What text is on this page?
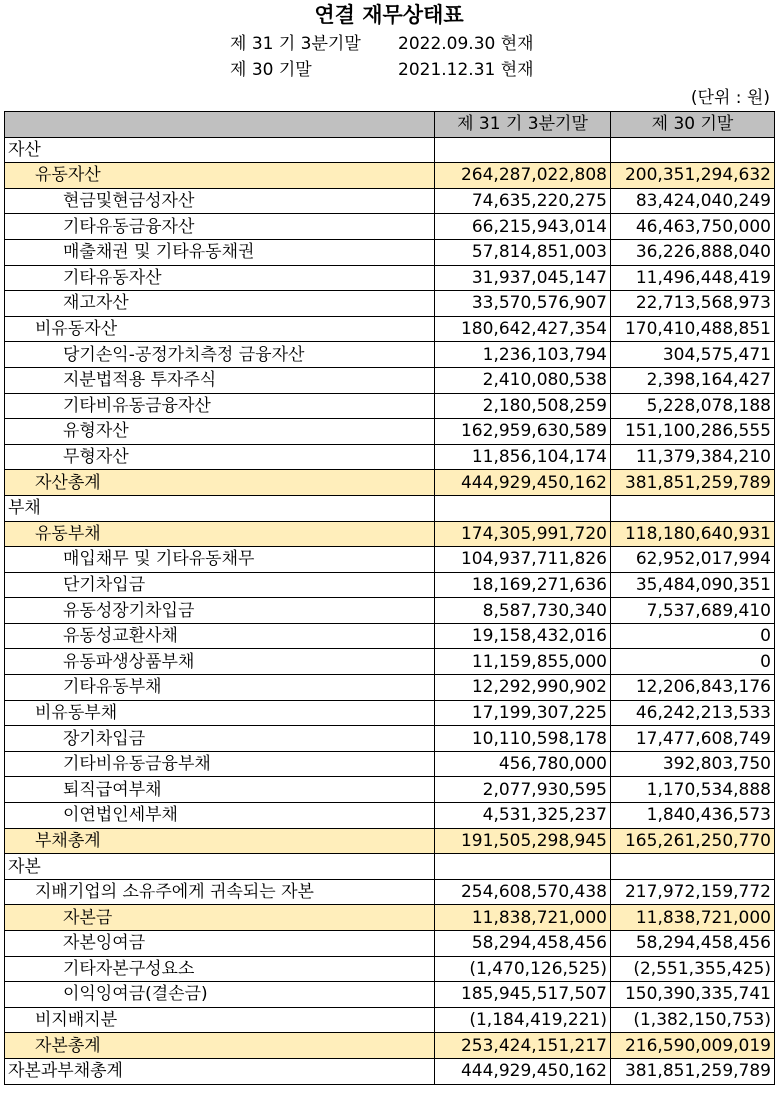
연결 재무상태표
제 31 기 3분기말 2022.09.30 현재
제 30 기말	2021.12.31 현재
(단위 : 원)
	제 31 기 3분기말	제 30 기말
자산		
유동자산	264,287,022,808	200,351,294,632
현금및현금성자산	74,635,220,275	83,424,040,249
기타유동금융자산	66,215,943,014	46,463,750,000
매출채권 및 기타유동채권	57,814,851,003	36,226,888,040
기타유동자산	31,937,045,147	11,496,448,419
재고자산	33,570,576,907	22,713,568,973
비유동자산	180,642,427,354	170,410,488,851
당기손익-공정가치측정 금융자산	1,236,103,794	304,575,471
지분법적용 투자주식	2,410,080,538	2,398,164,427
기타비유동금융자산	2,180,508,259	5,228,078,188
유형자산	162,959,630,589	151,100,286,555
무형자산	11,856,104,174	11,379,384,210
자산총계	444,929,450,162	381,851,259,789
부채		
유동부채	174,305,991,720	118,180,640,931
매입채무 및 기타유동채무	104,937,711,826	62,952,017,994
단기차입금	18,169,271,636	35,484,090,351
유동성장기차입금	8,587,730,340	7,537,689,410
유동성교환사채	19,158,432,016	0
유동파생상품부채	11,159,855,000	0
기타유동부채	12,292,990,902	12,206,843,176
비유동부채	17,199,307,225	46,242,213,533
장기차입금	10,110,598,178	17,477,608,749
기타비유동금융부채	456,780,000	392,803,750
퇴직급여부채	2,077,930,595	1,170,534,888
이연법인세부채	4,531,325,237	1,840,436,573
부채총계	191,505,298,945	165,261,250,770
자본		
지배기업의 소유주에게 귀속되는 자본	254,608,570,438	217,972,159,772
자본금	11,838,721,000	11,838,721,000
자본잉여금	58,294,458,456	58,294,458,456
기타자본구성요소	(1,470,126,525)	(2,551,355,425)
이익잉여금(결손금)	185,945,517,507	150,390,335,741
비지배지분	(1,184,419,221)	(1,382,150,753)
자본총계	253,424,151,217	216,590,009,019
자본과부채총계	444,929,450,162	381,851,259,789
